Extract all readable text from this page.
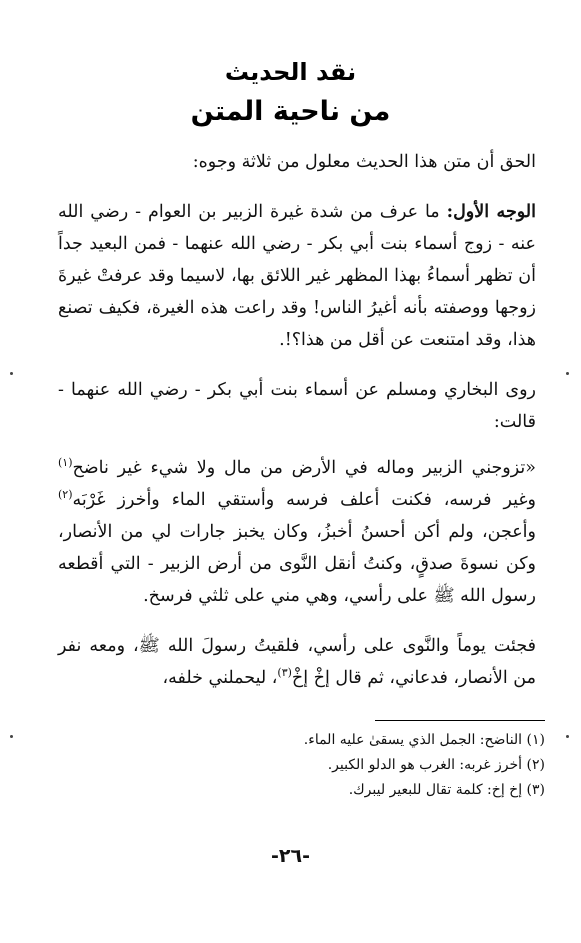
نقد الحديث
من ناحية المتن

الحق أن متن هذا الحديث معلول من ثلاثة وجوه:

الوجه الأول: ما عرف من شدة غيرة الزبير بن العوام - رضي الله عنه - زوج أسماء بنت أبي بكر - رضي الله عنهما - فمن البعيد جداً أن تظهر أسماءُ بهذا المظهر غير اللائق بها، لاسيما وقد عرفتْ غيرةَ زوجها ووصفته بأنه أغيرُ الناس! وقد راعت هذه الغيرة، فكيف تصنع هذا، وقد امتنعت عن أقل من هذا؟!.

روى البخاري ومسلم عن أسماء بنت أبي بكر - رضي الله عنهما - قالت:

«تزوجني الزبير وماله في الأرض من مال ولا شيء غير ناضح$^{(١)}$ وغير فرسه، فكنت أعلف فرسه وأستقي الماء وأخرز غَرْبَه$^{(٢)}$ وأعجن، ولم أكن أحسنُ أخبزُ، وكان يخبز جارات لي من الأنصار، وكن نسوةَ صدقٍ، وكنتُ أنقل النَّوى من أرض الزبير - التي أقطعه رسول الله ﷺ على رأسي، وهي مني على ثلثي فرسخ.

فجئت يوماً والنَّوى على رأسي، فلقيتُ رسولَ الله ﷺ، ومعه نفر من الأنصار، فدعاني، ثم قال إخْ إخْ$^{(٣)}$، ليحملني خلفه،

(١) الناضح: الجمل الذي يسقىٰ عليه الماء.

(٢) أخرز غربه: الغرب هو الدلو الكبير.

(٣) إخ إخ: كلمة تقال للبعير ليبرك.

-٢٦-
